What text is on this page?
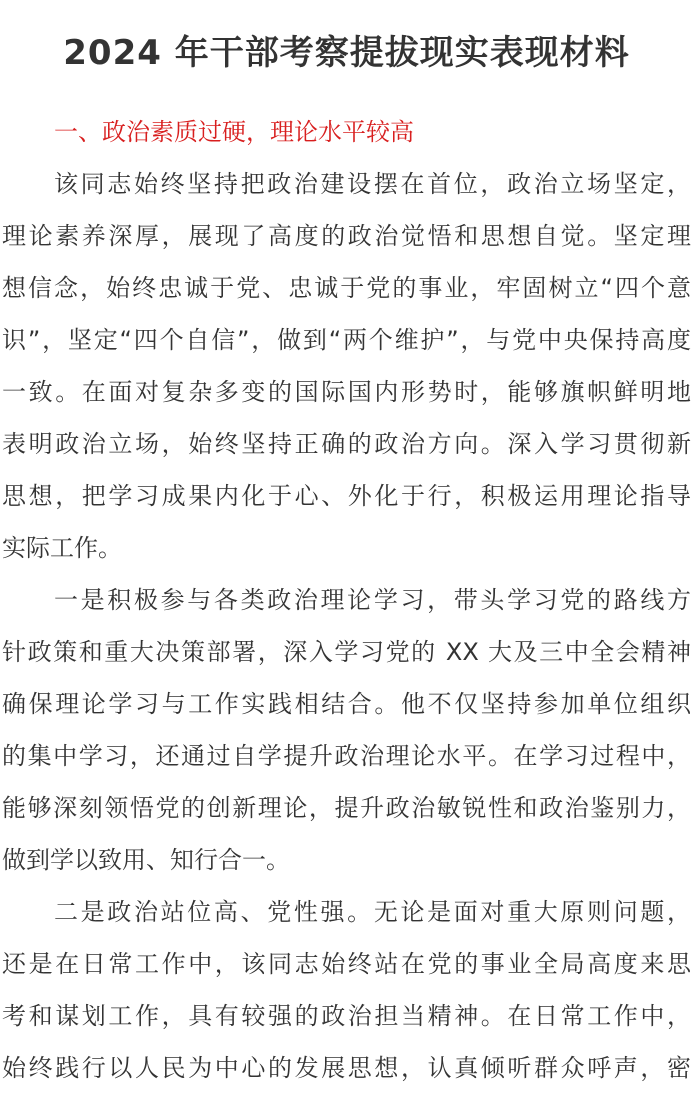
2024 年干部考察提拔现实表现材料
一、政治素质过硬，理论水平较高
该同志始终坚持把政治建设摆在首位，政治立场坚定，
理论素养深厚，展现了高度的政治觉悟和思想自觉。坚定理
想信念，始终忠诚于党、忠诚于党的事业，牢固树立“四个意
识”，坚定“四个自信”，做到“两个维护”，与党中央保持高度
一致。在面对复杂多变的国际国内形势时，能够旗帜鲜明地
表明政治立场，始终坚持正确的政治方向。深入学习贯彻新
思想，把学习成果内化于心、外化于行，积极运用理论指导
实际工作。
一是积极参与各类政治理论学习，带头学习党的路线方
针政策和重大决策部署，深入学习党的 XX 大及三中全会精神
确保理论学习与工作实践相结合。他不仅坚持参加单位组织
的集中学习，还通过自学提升政治理论水平。在学习过程中，
能够深刻领悟党的创新理论，提升政治敏锐性和政治鉴别力，
做到学以致用、知行合一。
二是政治站位高、党性强。无论是面对重大原则问题，
还是在日常工作中，该同志始终站在党的事业全局高度来思
考和谋划工作，具有较强的政治担当精神。在日常工作中，
始终践行以人民为中心的发展思想，认真倾听群众呼声，密
